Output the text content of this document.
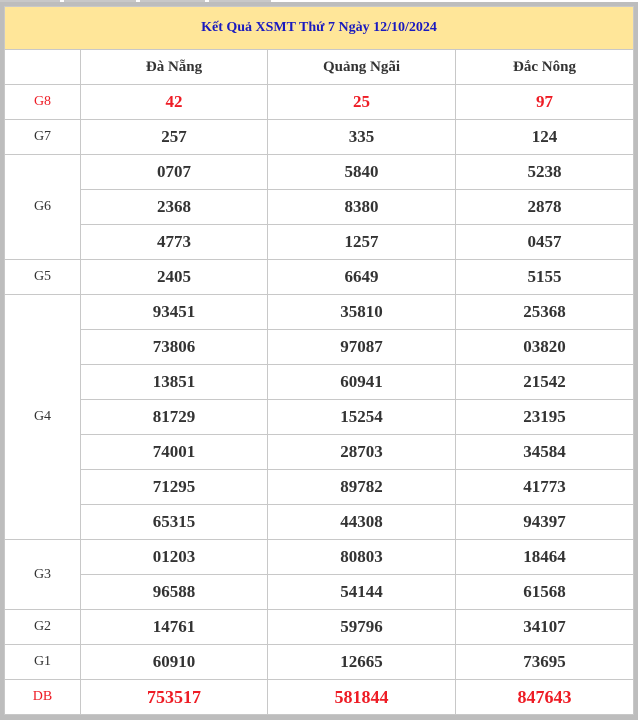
Kết Quả XSMT Thứ 7 Ngày 12/10/2024			
	Đà Nẵng	Quảng Ngãi	Đắc Nông
G8	42	25	97
G7	257	335	124
G6	0707	5840	5238
	2368	8380	2878
	4773	1257	0457
G5	2405	6649	5155
G4	93451	35810	25368
	73806	97087	03820
	13851	60941	21542
	81729	15254	23195
	74001	28703	34584
	71295	89782	41773
	65315	44308	94397
G3	01203	80803	18464
	96588	54144	61568
G2	14761	59796	34107
G1	60910	12665	73695
DB	753517	581844	847643
